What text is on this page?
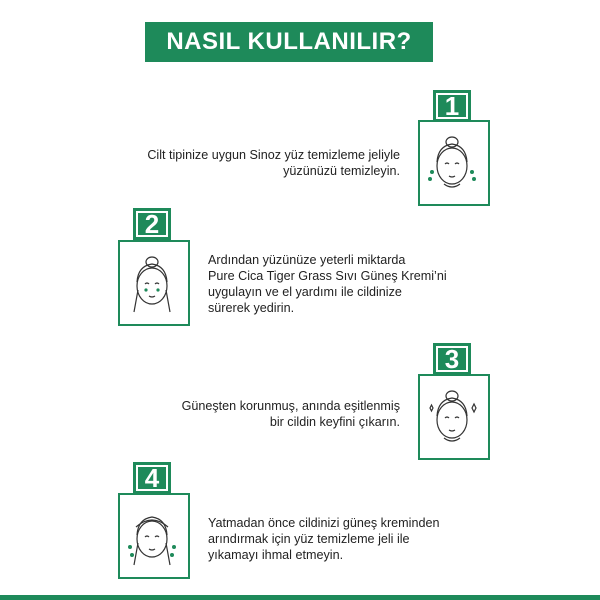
NASIL KULLANILIR?
1

Cilt tipinize uygun Sinoz yüz temizleme jeliyle

yüzünüzü temizleyin.

2

Ardından yüzünüze yeterli miktarda

Pure Cica Tiger Grass Sıvı Güneş Kremi’ni

uygulayın ve el yardımı ile cildinize

sürerek yedirin.

3

Güneşten korunmuş, anında eşitlenmiş

bir cildin keyfini çıkarın.

4

Yatmadan önce cildinizi güneş kreminden

arındırmak için yüz temizleme jeli ile

yıkamayı ihmal etmeyin.
